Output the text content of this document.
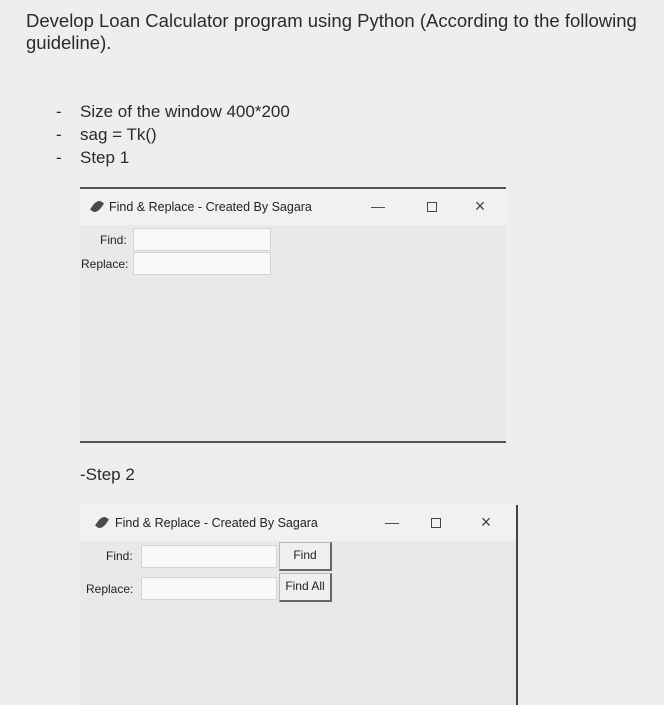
Develop Loan Calculator program using Python (According to the following guideline).
- Size of the window 400*200
- sag = Tk()
- Step 1
Find & Replace - Created By Sagara	—	×
Find:
Replace:
-Step 2
Find & Replace - Created By Sagara	—	×
Find:
Replace:
Find
Find All
